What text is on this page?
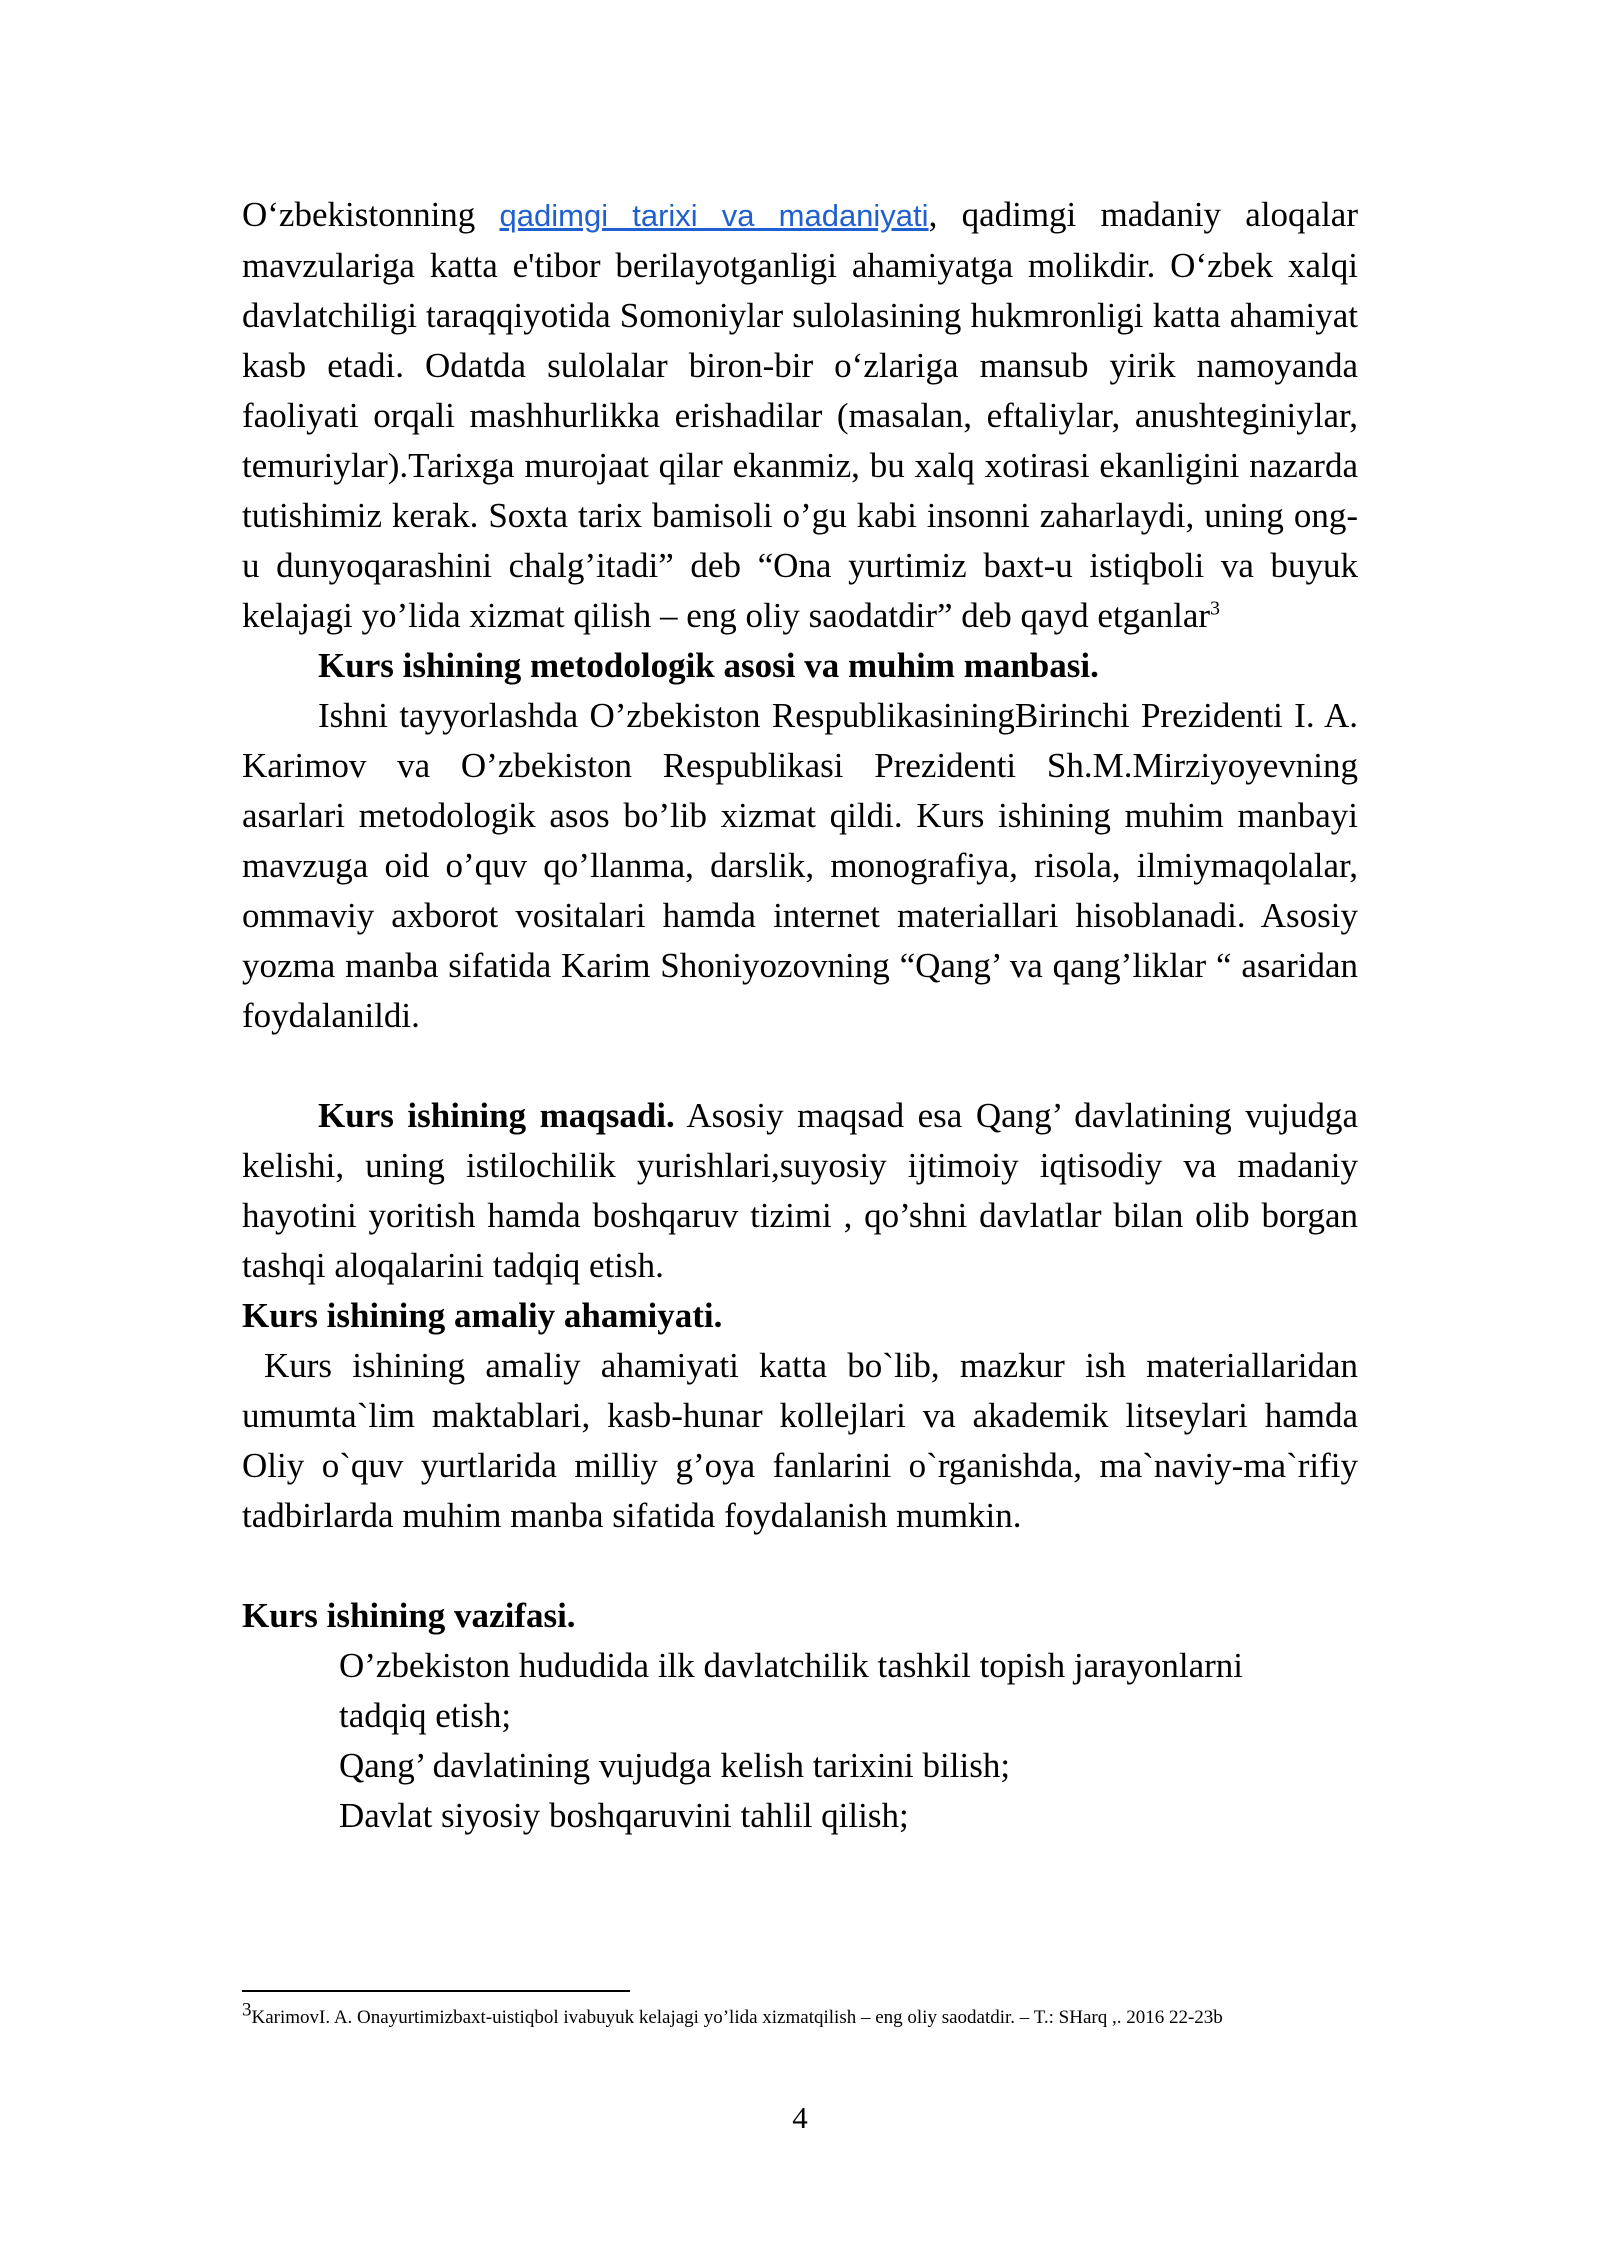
O‘zbekistonning qadimgi tarixi va madaniyati, qadimgi madaniy aloqalar mavzulariga katta e'tibor berilayotganligi ahamiyatga molikdir. O‘zbek xalqi davlatchiligi taraqqiyotida Somoniylar sulolasining hukmronligi katta ahamiyat kasb etadi. Odatda sulolalar biron-bir o‘zlariga mansub yirik namoyanda faoliyati orqali mashhurlikka erishadilar (masalan, eftaliylar, anushteginiylar, temuriylar).Tarixga murojaat qilar ekanmiz, bu xalq xotirasi ekanligini nazarda tutishimiz kerak. Soxta tarix bamisoli o’gu kabi insonni zaharlaydi, uning ong-u dunyoqarashini chalg’itadi” deb “Ona yurtimiz baxt-u istiqboli va buyuk kelajagi yo’lida xizmat qilish – eng oliy saodatdir” deb qayd etganlar$^3$

Kurs ishining metodologik asosi va muhim manbasi.

Ishni tayyorlashda O’zbekiston RespublikasiningBirinchi Prezidenti I. A. Karimov va O’zbekiston Respublikasi Prezidenti Sh.M.Mirziyoyevning asarlari metodologik asos bo’lib xizmat qildi. Kurs ishining muhim manbayi mavzuga oid o’quv qo’llanma, darslik, monografiya, risola, ilmiymaqolalar, ommaviy axborot vositalari hamda internet materiallari hisoblanadi. Asosiy yozma manba sifatida Karim Shoniyozovning “Qang’ va qang’liklar “ asaridan foydalanildi.

Kurs ishining maqsadi. Asosiy maqsad esa Qang’ davlatining vujudga kelishi, uning istilochilik yurishlari,suyosiy ijtimoiy iqtisodiy va madaniy hayotini yoritish hamda boshqaruv tizimi , qo’shni davlatlar bilan olib borgan tashqi aloqalarini tadqiq etish.

Kurs ishining amaliy ahamiyati.

Kurs ishining amaliy ahamiyati katta bo`lib, mazkur ish materiallaridan umumta`lim maktablari, kasb-hunar kollejlari va akademik litseylari hamda Oliy o`quv yurtlarida milliy g’oya fanlarini o`rganishda, ma`naviy-ma`rifiy tadbirlarda muhim manba sifatida foydalanish mumkin.

Kurs ishining vazifasi.

O’zbekiston hududida ilk davlatchilik tashkil topish jarayonlarni tadqiq etish;
Qang’ davlatining vujudga kelish tarixini bilish;
Davlat siyosiy boshqaruvini tahlil qilish;
3KarimovI. A. Onayurtimizbaxt-uistiqbol ivabuyuk kelajagi yo’lida xizmatqilish – eng oliy saodatdir. – T.: SHarq ,. 2016 22-23b
4
